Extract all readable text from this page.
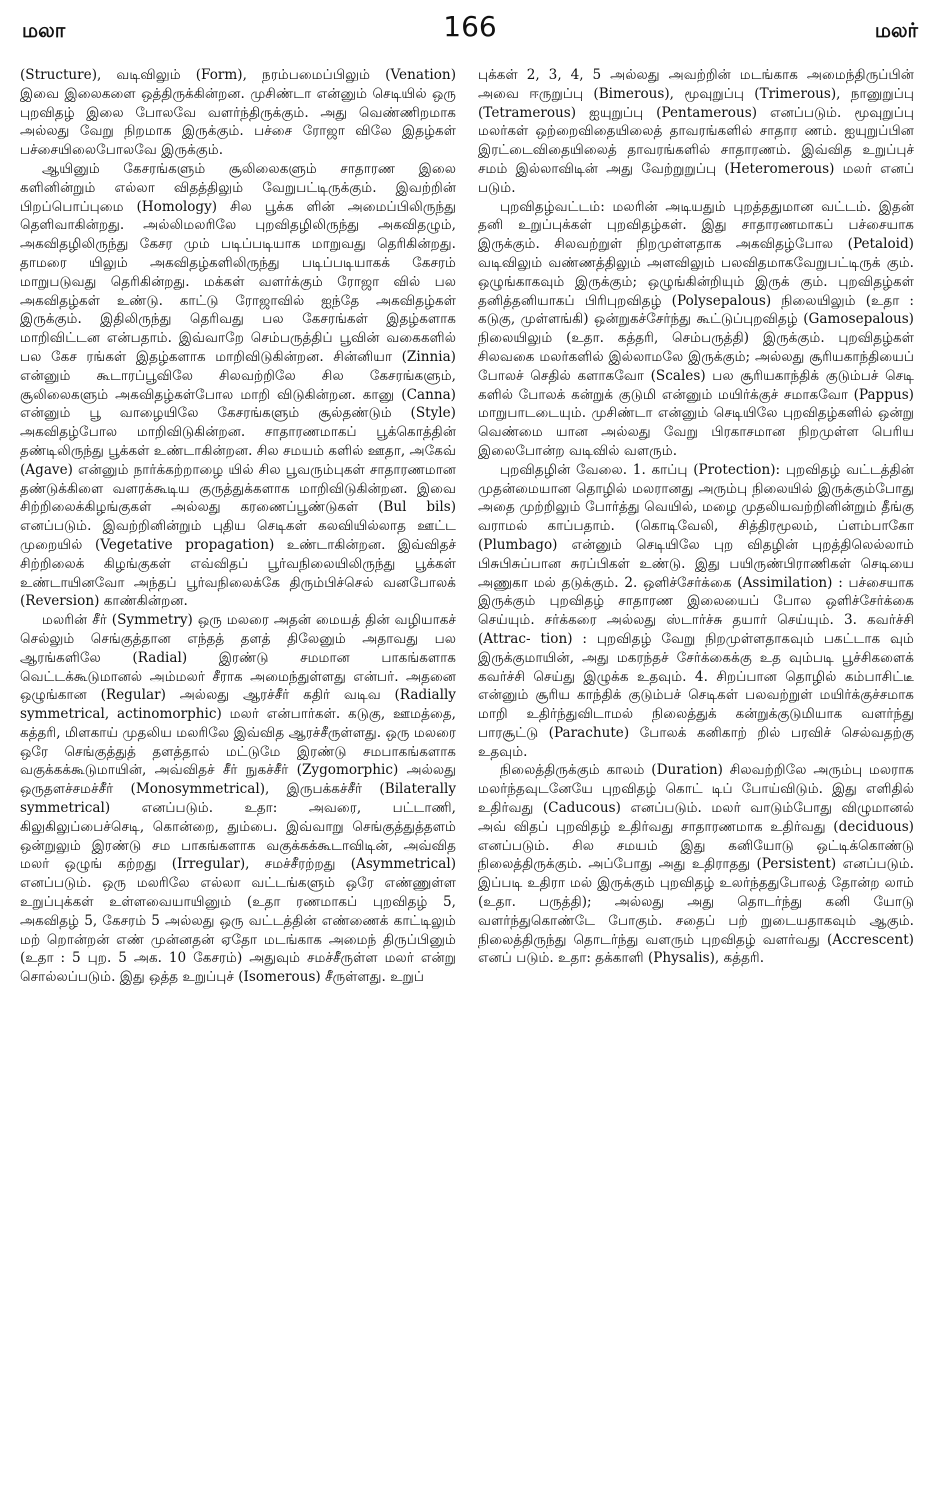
மலா	166	மலர்

(Structure), வடிவிலும் (Form), நரம்பமைப்பிலும் (Venation) இவை இலைகளை ஒத்திருக்கின்றன. முசிண்டா என்னும் செடியில் ஒரு புறவிதழ் இலை போலவே வளர்ந்திருக்கும். அது வெண்ணிறமாக அல்லது வேறு நிறமாக இருக்கும். பச்சை ரோஜா விலே இதழ்கள் பச்சையிலைபோலவே இருக்கும்.

ஆயினும் கேசரங்களும் சூலிலைகளும் சாதாரண இலை களினின்றும் எல்லா விதத்திலும் வேறுபட்டிருக்கும். இவற்றின் பிறப்பொப்புமை (Homology) சில பூக்க ளின் அமைப்பிலிருந்து தெளிவாகின்றது. அல்லிமலரிலே புறவிதழிலிருந்து அகவிதழும், அகவிதழிலிருந்து கேசர மும் படிப்படியாக மாறுவது தெரிகின்றது. தாமரை யிலும் அகவிதழ்களிலிருந்து படிப்படியாகக் கேசரம் மாறுபடுவது தெரிகின்றது. மக்கள் வளர்க்கும் ரோஜா வில் பல அகவிதழ்கள் உண்டு. காட்டு ரோஜாவில் ஐந்தே அகவிதழ்கள் இருக்கும். இதிலிருந்து தெரிவது பல கேசரங்கள் இதழ்களாக மாறிவிட்டன என்பதாம். இவ்வாறே செம்பருத்திப் பூவின் வகைகளில் பல கேச ரங்கள் இதழ்களாக மாறிவிடுகின்றன. சின்னியா (Zinnia) என்னும் கூடாரப்பூவிலே சிலவற்றிலே சில கேசரங்களும், சூலிலைகளும் அகவிதழ்கள்போல மாறி விடுகின்றன. கானு (Canna) என்னும் பூ வாழையிலே கேசரங்களும் சூல்தண்டும் (Style) அகவிதழ்போல மாறிவிடுகின்றன. சாதாரணமாகப் பூக்கொத்தின் தண்டிலிருந்து பூக்கள் உண்டாகின்றன. சில சமயம் களில் ஊதா, அகேவ் (Agave) என்னும் நார்க்கற்றாழை யில் சில பூவரும்புகள் சாதாரணமான தண்டுக்கிளை வளரக்கூடிய குருத்துக்களாக மாறிவிடுகின்றன. இவை சிற்றிலைக்கிழங்குகள் அல்லது கரணைப்பூண்டுகள் (Bul bils) எனப்படும். இவற்றினின்றும் புதிய செடிகள் கலவியில்லாத ஊட்ட முறையில் (Vegetative propagation) உண்டாகின்றன. இவ்விதச் சிற்றிலைக் கிழங்குகள் எவ்விதப் பூர்வநிலையிலிருந்து பூக்கள் உண்டாயினவோ அந்தப் பூர்வநிலைக்கே திரும்பிச்செல் வனபோலக் (Reversion) காண்கின்றன.

மலரின் சீர் (Symmetry) ஒரு மலரை அதன் மையத் தின் வழியாகச் செல்லும் செங்குத்தான எந்தத் தளத் திலேனும் அதாவது பல ஆரங்களிலே (Radial) இரண்டு சமமான பாகங்களாக வெட்டக்கூடுமானல் அம்மலர் சீராக அமைந்துள்ளது என்பர். அதனை ஒழுங்கான (Regular) அல்லது ஆரச்சீர் கதிர் வடிவ (Radially symmetrical, actinomorphic) மலர் என்பார்கள். கடுகு, ஊமத்தை, கத்தரி, மிளகாய் முதலிய மலரிலே இவ்வித ஆரச்சீருள்ளது. ஒரு மலரை ஒரே செங்குத்துத் தளத்தால் மட்டுமே இரண்டு சமபாகங்களாக வகுக்கக்கூடுமாயின், அவ்விதச் சீர் நுகச்சீர் (Zygomorphic) அல்லது ஒருதளச்சமச்சீர் (Monosymmetrical), இருபக்கச்சீர் (Bilaterally symmetrical) எனப்படும். உதா: அவரை, பட்டாணி, கிலுகிலுப்பைச்செடி, கொன்றை, தும்பை. இவ்வாறு செங்குத்துத்தளம் ஒன்றுலும் இரண்டு சம பாகங்களாக வகுக்கக்கூடாவிடின், அவ்வித மலர் ஒழுங் கற்றது (Irregular), சமச்சீரற்றது (Asymmetrical) எனப்படும். ஒரு மலரிலே எல்லா வட்டங்களும் ஒரே எண்ணுள்ள உறுப்புக்கள் உள்ளவையாயினும் (உதா ரணமாகப் புறவிதழ் 5, அகவிதழ் 5, கேசரம் 5 அல்லது ஒரு வட்டத்தின் எண்ணைக் காட்டிலும் மற் றொன்றன் எண் முன்னதன் ஏதோ மடங்காக அமைந் திருப்பினும் (உதா : 5 புற. 5 அக. 10 கேசரம்) அதுவும் சமச்சீருள்ள மலர் என்று சொல்லப்படும். இது ஒத்த உறுப்புச் (Isomerous) சீருள்ளது. உறுப்

புக்கள் 2, 3, 4, 5 அல்லது அவற்றின் மடங்காக அமைந்திருப்பின் அவை ஈருறுப்பு (Bimerous), மூவுறுப்பு (Trimerous), நானுறுப்பு (Tetramerous) ஐயுறுப்பு (Pentamerous) எனப்படும். மூவுறுப்பு மலர்கள் ஒற்றைவிதையிலைத் தாவரங்களில் சாதார ணம். ஐயுறுப்பின இரட்டைவிதையிலைத் தாவரங்களில் சாதாரணம். இவ்வித உறுப்புச் சமம் இல்லாவிடின் அது வேற்றுறுப்பு (Heteromerous) மலர் எனப் படும்.

புறவிதழ்வட்டம்: மலரின் அடியதும் புறத்ததுமான வட்டம். இதன் தனி உறுப்புக்கள் புறவிதழ்கள். இது சாதாரணமாகப் பச்சையாக இருக்கும். சிலவற்றுள் நிறமுள்ளதாக அகவிதழ்போல (Petaloid) வடிவிலும் வண்ணத்திலும் அளவிலும் பலவிதமாகவேறுபட்டிருக் கும். ஒழுங்காகவும் இருக்கும்; ஒழுங்கின்றியும் இருக் கும். புறவிதழ்கள் தனித்தனியாகப் பிரிபுறவிதழ் (Polysepalous) நிலையிலும் (உதா : கடுகு, முள்ளங்கி) ஒன்றுகச்சேர்ந்து கூட்டுப்புறவிதழ் (Gamosepalous) நிலையிலும் (உதா. கத்தரி, செம்பருத்தி) இருக்கும். புறவிதழ்கள் சிலவகை மலர்களில் இல்லாமலே இருக்கும்; அல்லது சூரியகாந்தியைப் போலச் செதில் களாகவோ (Scales) பல சூரியகாந்திக் குடும்பச் செடி களில் போலக் கன்றுக் குடுமி என்னும் மயிர்க்குச் சமாகவோ (Pappus) மாறுபாடடையும். முசிண்டா என்னும் செடியிலே புறவிதழ்களில் ஒன்று வெண்மை யான அல்லது வேறு பிரகாசமான நிறமுள்ள பெரிய இலைபோன்ற வடிவில் வளரும்.

புறவிதழின் வேலை. 1. காப்பு (Protection): புறவிதழ் வட்டத்தின் முதன்மையான தொழில் மலரானது அரும்பு நிலையில் இருக்கும்போது அதை முற்றிலும் போர்த்து வெயில், மழை முதலியவற்றினின்றும் தீங்கு வராமல் காப்பதாம். (கொடிவேலி, சித்திரமூலம், ப்ளம்பாகோ (Plumbago) என்னும் செடியிலே புற விதழின் புறத்திலெல்லாம் பிசுபிசுப்பான சுரப்பிகள் உண்டு. இது பயிருண்பிராணிகள் செடியை அணுகா மல் தடுக்கும். 2. ஒளிச்சேர்க்கை (Assimilation) : பச்சையாக இருக்கும் புறவிதழ் சாதாரண இலையைப் போல ஒளிச்சேர்க்கை செய்யும். சர்க்கரை அல்லது ஸ்டார்ச்சு தயார் செய்யும். 3. கவர்ச்சி (Attrac- tion) : புறவிதழ் வேறு நிறமுள்ளதாகவும் பகட்டாக வும் இருக்குமாயின், அது மகரந்தச் சேர்க்கைக்கு உத வும்படி பூச்சிகளைக் கவர்ச்சி செய்து இழுக்க உதவும். 4. சிறப்பான தொழில் கம்பாசிட்டீ என்னும் சூரிய காந்திக் குடும்பச் செடிகள் பலவற்றுள் மயிர்க்குச்சமாக மாறி உதிர்ந்துவிடாமல் நிலைத்துக் கன்றுக்குடுமியாக வளர்ந்து பாரசூட்டு (Parachute) போலக் கனிகாற் றில் பரவிச் செல்வதற்கு உதவும்.

நிலைத்திருக்கும் காலம் (Duration) சிலவற்றிலே அரும்பு மலராக மலர்ந்தவுடனேயே புறவிதழ் கொட் டிப் போய்விடும். இது எளிதில் உதிர்வது (Caducous) எனப்படும். மலர் வாடும்போது விழுமானல் அவ் விதப் புறவிதழ் உதிர்வது சாதாரணமாக உதிர்வது (deciduous) எனப்படும். சில சமயம் இது கனியோடு ஒட்டிக்கொண்டு நிலைத்திருக்கும். அப்போது அது உதிராதது (Persistent) எனப்படும். இப்படி உதிரா மல் இருக்கும் புறவிதழ் உலர்ந்ததுபோலத் தோன்ற லாம் (உதா. பருத்தி); அல்லது அது தொடர்ந்து கனி யோடு வளர்ந்துகொண்டே போகும். சதைப் பற் றுடையதாகவும் ஆகும். நிலைத்திருந்து தொடர்ந்து வளரும் புறவிதழ் வளர்வது (Accrescent) எனப் படும். உதா: தக்காளி (Physalis), கத்தரி.
